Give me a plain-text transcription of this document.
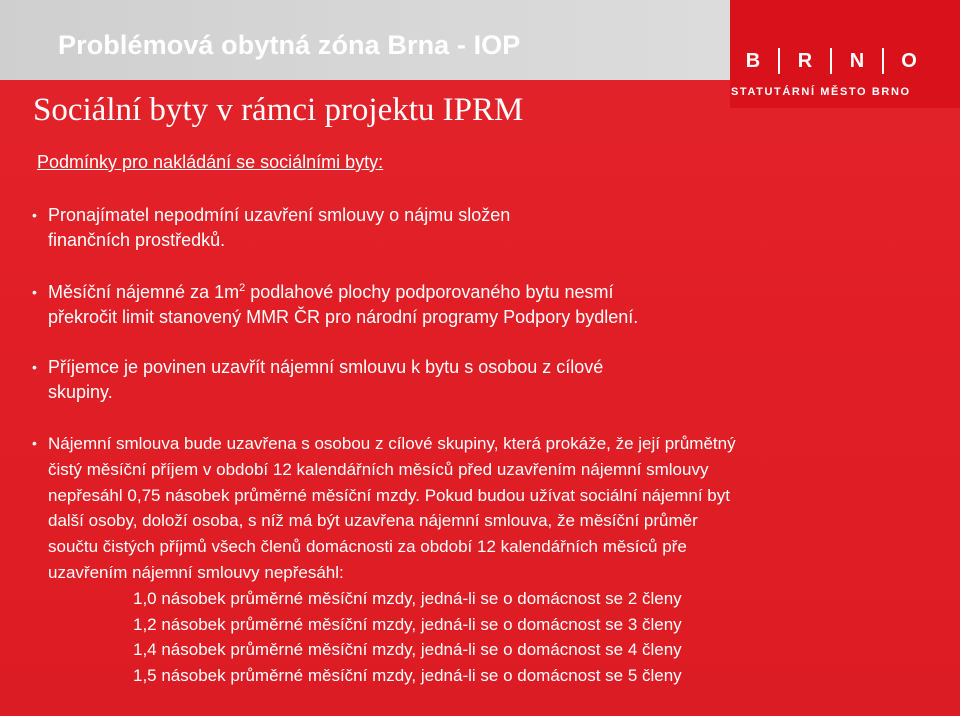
Problémová obytná zóna Brna - IOP
B	R	N	O
STATUTÁRNÍ MĚSTO BRNO
Sociální byty v rámci projektu IPRM
Podmínky pro nakládání se sociálními byty:
• Pronajímatel nepodmíní uzavření smlouvy o nájmu složen
finančních prostředků.
• Měsíční nájemné za $1m^2$ podlahové plochy podporovaného bytu nesmí
překročit limit stanovený MMR ČR pro národní programy Podpory bydlení.
• Příjemce je povinen uzavřít nájemní smlouvu k bytu s osobou z cílové
skupiny.
• Nájemní smlouva bude uzavřena s osobou z cílové skupiny, která prokáže, že její průmětný
čistý měsíční příjem v období 12 kalendářních měsíců před uzavřením nájemní smlouvy
nepřesáhl 0,75 násobek průměrné měsíční mzdy. Pokud budou užívat sociální nájemní byt
další osoby, doloží osoba, s níž má být uzavřena nájemní smlouva, že měsíční průměr
součtu čistých příjmů všech členů domácnosti za období 12 kalendářních měsíců pře
uzavřením nájemní smlouvy nepřesáhl:
1,0 násobek průměrné měsíční mzdy, jedná-li se o domácnost se 2 členy
1,2 násobek průměrné měsíční mzdy, jedná-li se o domácnost se 3 členy
1,4 násobek průměrné měsíční mzdy, jedná-li se o domácnost se 4 členy
1,5 násobek průměrné měsíční mzdy, jedná-li se o domácnost se 5 členy
